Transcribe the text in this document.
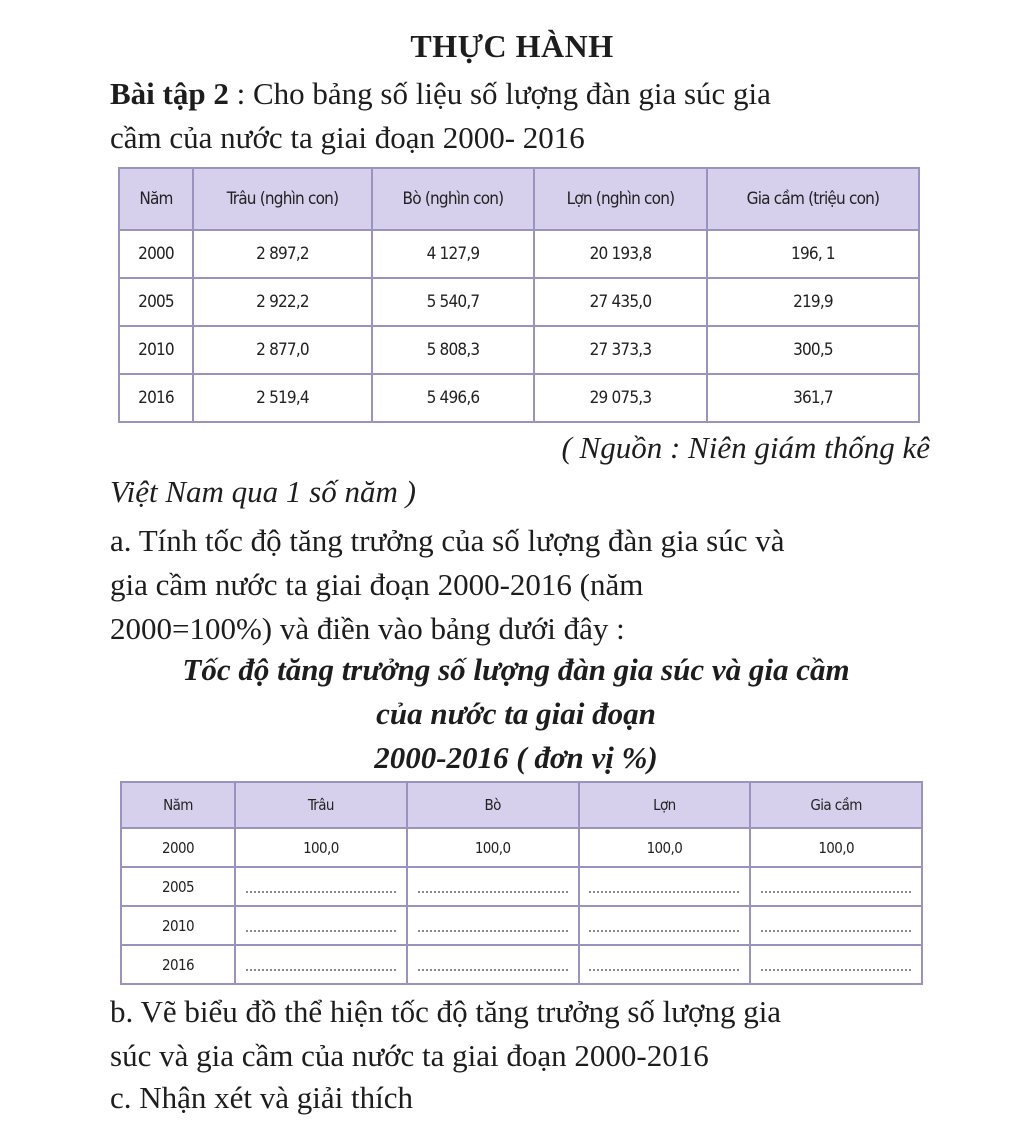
THỰC HÀNH
Bài tập 2 : Cho bảng số liệu số lượng đàn gia súc gia
cầm của nước ta giai đoạn 2000- 2016
Năm	Trâu (nghìn con)	Bò (nghìn con)	Lợn (nghìn con)	Gia cầm (triệu con)
2000	2 897,2	4 127,9	20 193,8	196, 1
2005	2 922,2	5 540,7	27 435,0	219,9
2010	2 877,0	5 808,3	27 373,3	300,5
2016	2 519,4	5 496,6	29 075,3	361,7
( Nguồn : Niên giám thống kê
Việt Nam qua 1 số năm )
a. Tính tốc độ tăng trưởng của số lượng đàn gia súc và
gia cầm nước ta giai đoạn 2000-2016 (năm
2000=100%) và điền vào bảng dưới đây :
Tốc độ tăng trưởng số lượng đàn gia súc và gia cầm
của nước ta giai đoạn
2000-2016 ( đơn vị %)
Năm	Trâu	Bò	Lợn	Gia cầm
2000	100,0	100,0	100,0	100,0
2005				
2010				
2016				
b. Vẽ biểu đồ thể hiện tốc độ tăng trưởng số lượng gia
súc và gia cầm của nước ta giai đoạn 2000-2016
c. Nhận xét và giải thích
